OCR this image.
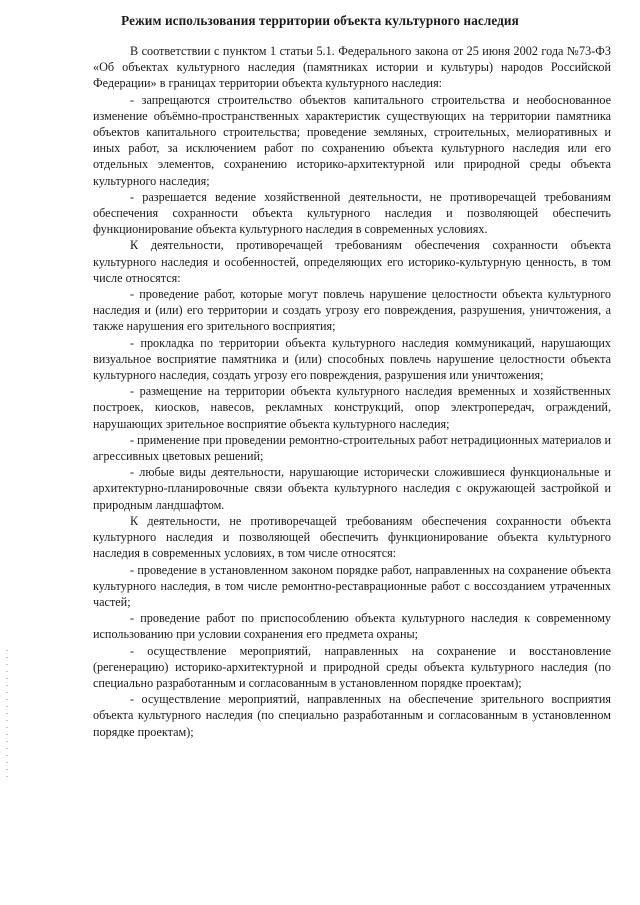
Режим использования территории объекта культурного наследия

В соответствии с пунктом 1 статьи 5.1. Федерального закона от 25 июня 2002 года №73-ФЗ «Об объектах культурного наследия (памятниках истории и культуры) народов Российской Федерации» в границах территории объекта культурного наследия:

- запрещаются строительство объектов капитального строительства и необоснованное изменение объёмно-пространственных характеристик существующих на территории памятника объектов капитального строительства; проведение земляных, строительных, мелиоративных и иных работ, за исключением работ по сохранению объекта культурного наследия или его отдельных элементов, сохранению историко-архитектурной или природной среды объекта культурного наследия;

- разрешается ведение хозяйственной деятельности, не противоречащей требованиям обеспечения сохранности объекта культурного наследия и позволяющей обеспечить функционирование объекта культурного наследия в современных условиях.

К деятельности, противоречащей требованиям обеспечения сохранности объекта культурного наследия и особенностей, определяющих его историко-культурную ценность, в том числе относятся:

- проведение работ, которые могут повлечь нарушение целостности объекта культурного наследия и (или) его территории и создать угрозу его повреждения, разрушения, уничтожения, а также нарушения его зрительного восприятия;

- прокладка по территории объекта культурного наследия коммуникаций, нарушающих визуальное восприятие памятника и (или) способных повлечь нарушение целостности объекта культурного наследия, создать угрозу его повреждения, разрушения или уничтожения;

- размещение на территории объекта культурного наследия временных и хозяйственных построек, киосков, навесов, рекламных конструкций, опор электропередач, ограждений, нарушающих зрительное восприятие объекта культурного наследия;

- применение при проведении ремонтно-строительных работ нетрадиционных материалов и агрессивных цветовых решений;

- любые виды деятельности, нарушающие исторически сложившиеся функциональные и архитектурно-планировочные связи объекта культурного наследия с окружающей застройкой и природным ландшафтом.

К деятельности, не противоречащей требованиям обеспечения сохранности объекта культурного наследия и позволяющей обеспечить функционирование объекта культурного наследия в современных условиях, в том числе относятся:

- проведение в установленном законом порядке работ, направленных на сохранение объекта культурного наследия, в том числе ремонтно-реставрационные работ с воссозданием утраченных частей;

- проведение работ по приспособлению объекта культурного наследия к современному использованию при условии сохранения его предмета охраны;

- осуществление мероприятий, направленных на сохранение и восстановление (регенерацию) историко-архитектурной и природной среды объекта культурного наследия (по специально разработанным и согласованным в установленном порядке проектам);

- осуществление мероприятий, направленных на обеспечение зрительного восприятия объекта культурного наследия (по специально разработанным и согласованным в установленном порядке проектам);
